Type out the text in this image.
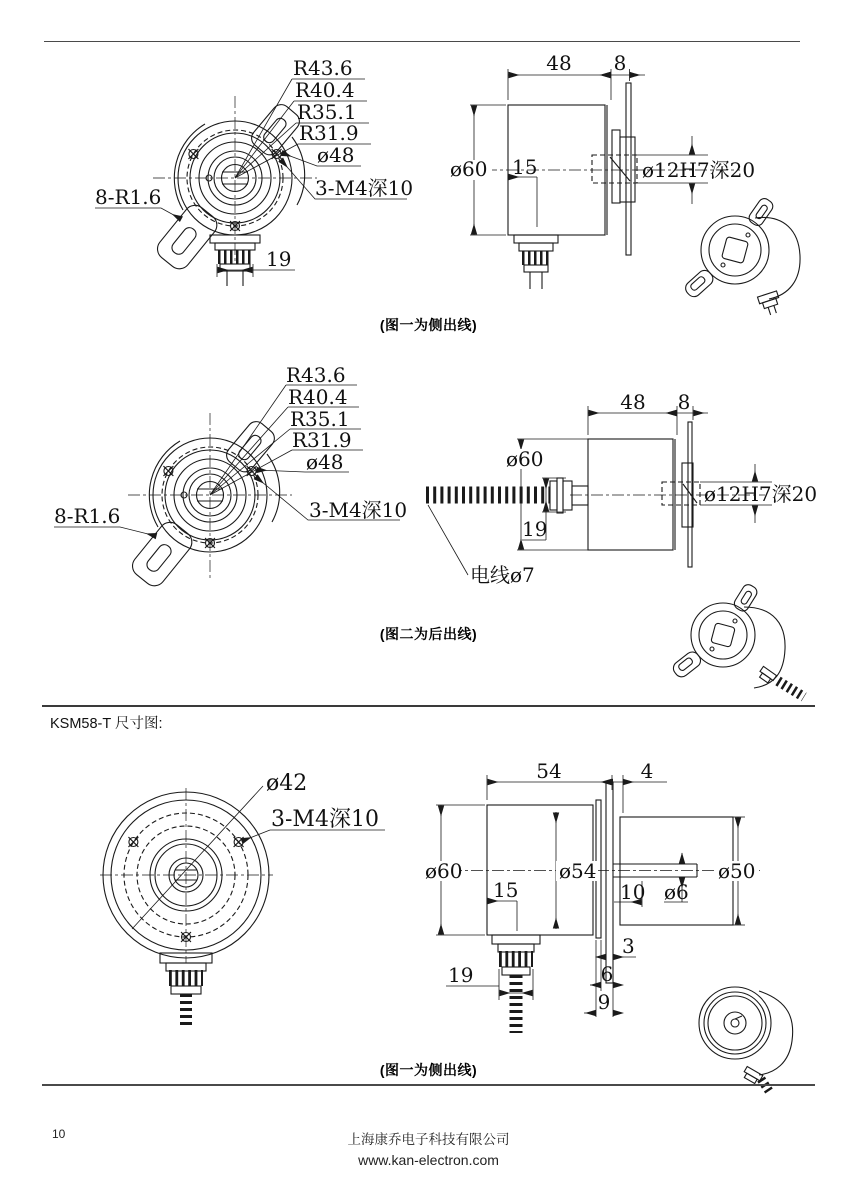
R43.6
R40.4
R35.1
R31.9
ø48
3-M4深10
8-R1.6
19
48 8
ø60 15	ø12H7深20
(图一为侧出线)
R43.6
R40.4
R35.1
R31.9
ø48
3-M4深10
8-R1.6
48 8
ø60
19
ø12H7深20
电线ø7
(图二为后出线)
KSM58-T 尺寸图:
ø42
3-M4深10
54	4
ø60	ø54
15
19
10 ø6
ø50
3
6
9
(图一为侧出线)
10	上海康乔电子科技有限公司
www.kan-electron.com
